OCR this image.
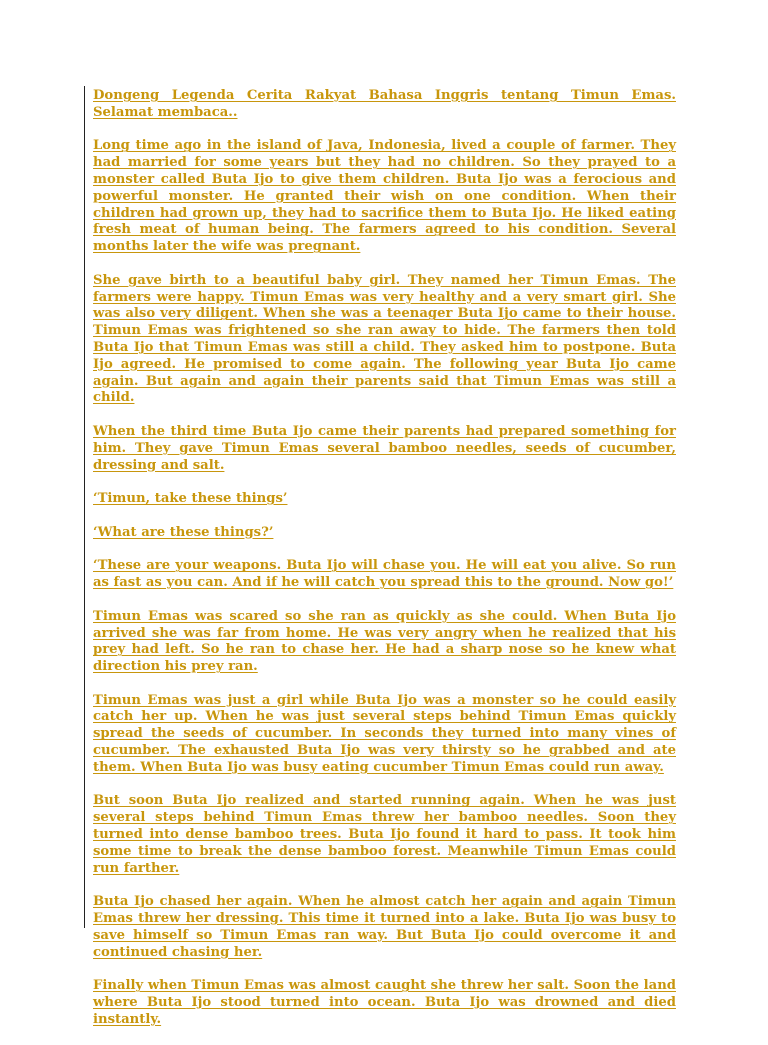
Dongeng Legenda Cerita Rakyat Bahasa Inggris tentang Timun Emas. Selamat membaca..

Long time ago in the island of Java, Indonesia, lived a couple of farmer. They had married for some years but they had no children. So they prayed to a monster called Buta Ijo to give them children. Buta Ijo was a ferocious and powerful monster. He granted their wish on one condition. When their children had grown up, they had to sacrifice them to Buta Ijo. He liked eating fresh meat of human being. The farmers agreed to his condition. Several months later the wife was pregnant.

She gave birth to a beautiful baby girl. They named her Timun Emas. The farmers were happy. Timun Emas was very healthy and a very smart girl. She was also very diligent. When she was a teenager Buta Ijo came to their house. Timun Emas was frightened so she ran away to hide. The farmers then told Buta Ijo that Timun Emas was still a child. They asked him to postpone. Buta Ijo agreed. He promised to come again. The following year Buta Ijo came again. But again and again their parents said that Timun Emas was still a child.

When the third time Buta Ijo came their parents had prepared something for him. They gave Timun Emas several bamboo needles, seeds of cucumber, dressing and salt.

‘Timun, take these things’

‘What are these things?’

‘These are your weapons. Buta Ijo will chase you. He will eat you alive. So run as fast as you can. And if he will catch you spread this to the ground. Now go!’

Timun Emas was scared so she ran as quickly as she could. When Buta Ijo arrived she was far from home. He was very angry when he realized that his prey had left. So he ran to chase her. He had a sharp nose so he knew what direction his prey ran.

Timun Emas was just a girl while Buta Ijo was a monster so he could easily catch her up. When he was just several steps behind Timun Emas quickly spread the seeds of cucumber. In seconds they turned into many vines of cucumber. The exhausted Buta Ijo was very thirsty so he grabbed and ate them. When Buta Ijo was busy eating cucumber Timun Emas could run away.

But soon Buta Ijo realized and started running again. When he was just several steps behind Timun Emas threw her bamboo needles. Soon they turned into dense bamboo trees. Buta Ijo found it hard to pass. It took him some time to break the dense bamboo forest. Meanwhile Timun Emas could run farther.

Buta Ijo chased her again. When he almost catch her again and again Timun Emas threw her dressing. This time it turned into a lake. Buta Ijo was busy to save himself so Timun Emas ran way. But Buta Ijo could overcome it and continued chasing her.

Finally when Timun Emas was almost caught she threw her salt. Soon the land where Buta Ijo stood turned into ocean. Buta Ijo was drowned and died instantly.
